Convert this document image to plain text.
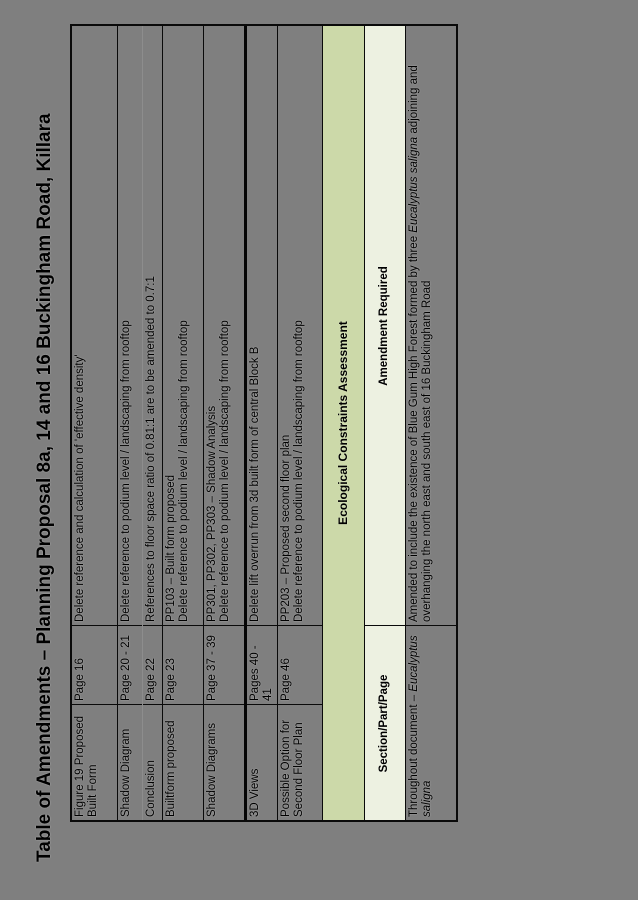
Table of Amendments – Planning Proposal 8a, 14 and 16 Buckingham Road, Killara Figure 19 Proposed Built Form
Page 16
Delete reference and calculation of 'effective density'
Shadow Diagram
Page 20 - 21
Delete reference to podium level / landscaping from rooftop
Conclusion
Page 22
References to floor space ratio of 0.81:1 are to be amended to 0.7:1
Builtform proposed
Page 23
PP103 – Built form proposed Delete reference to podium level / landscaping from rooftop
Shadow Diagrams
Page 37 - 39
PP301, PP302, PP303 – Shadow Analysis Delete reference to podium level / landscaping from rooftop
3D Views
Pages 40 - 41
Delete lift overrun from 3d built form of central Block B
Possible Option for Second Floor Plan
Page 46
PP203 – Proposed second floor plan Delete reference to podium level / landscaping from rooftop	Ecological Constraints Assessment
Section/Part/Page
Amendment Required
Throughout document – Eucalyptus saligna
Amended to include the existence of Blue Gum High Forest formed by three Eucalyptus saligna adjoining and overhanging the north east and south east of 16 Buckingham Road
